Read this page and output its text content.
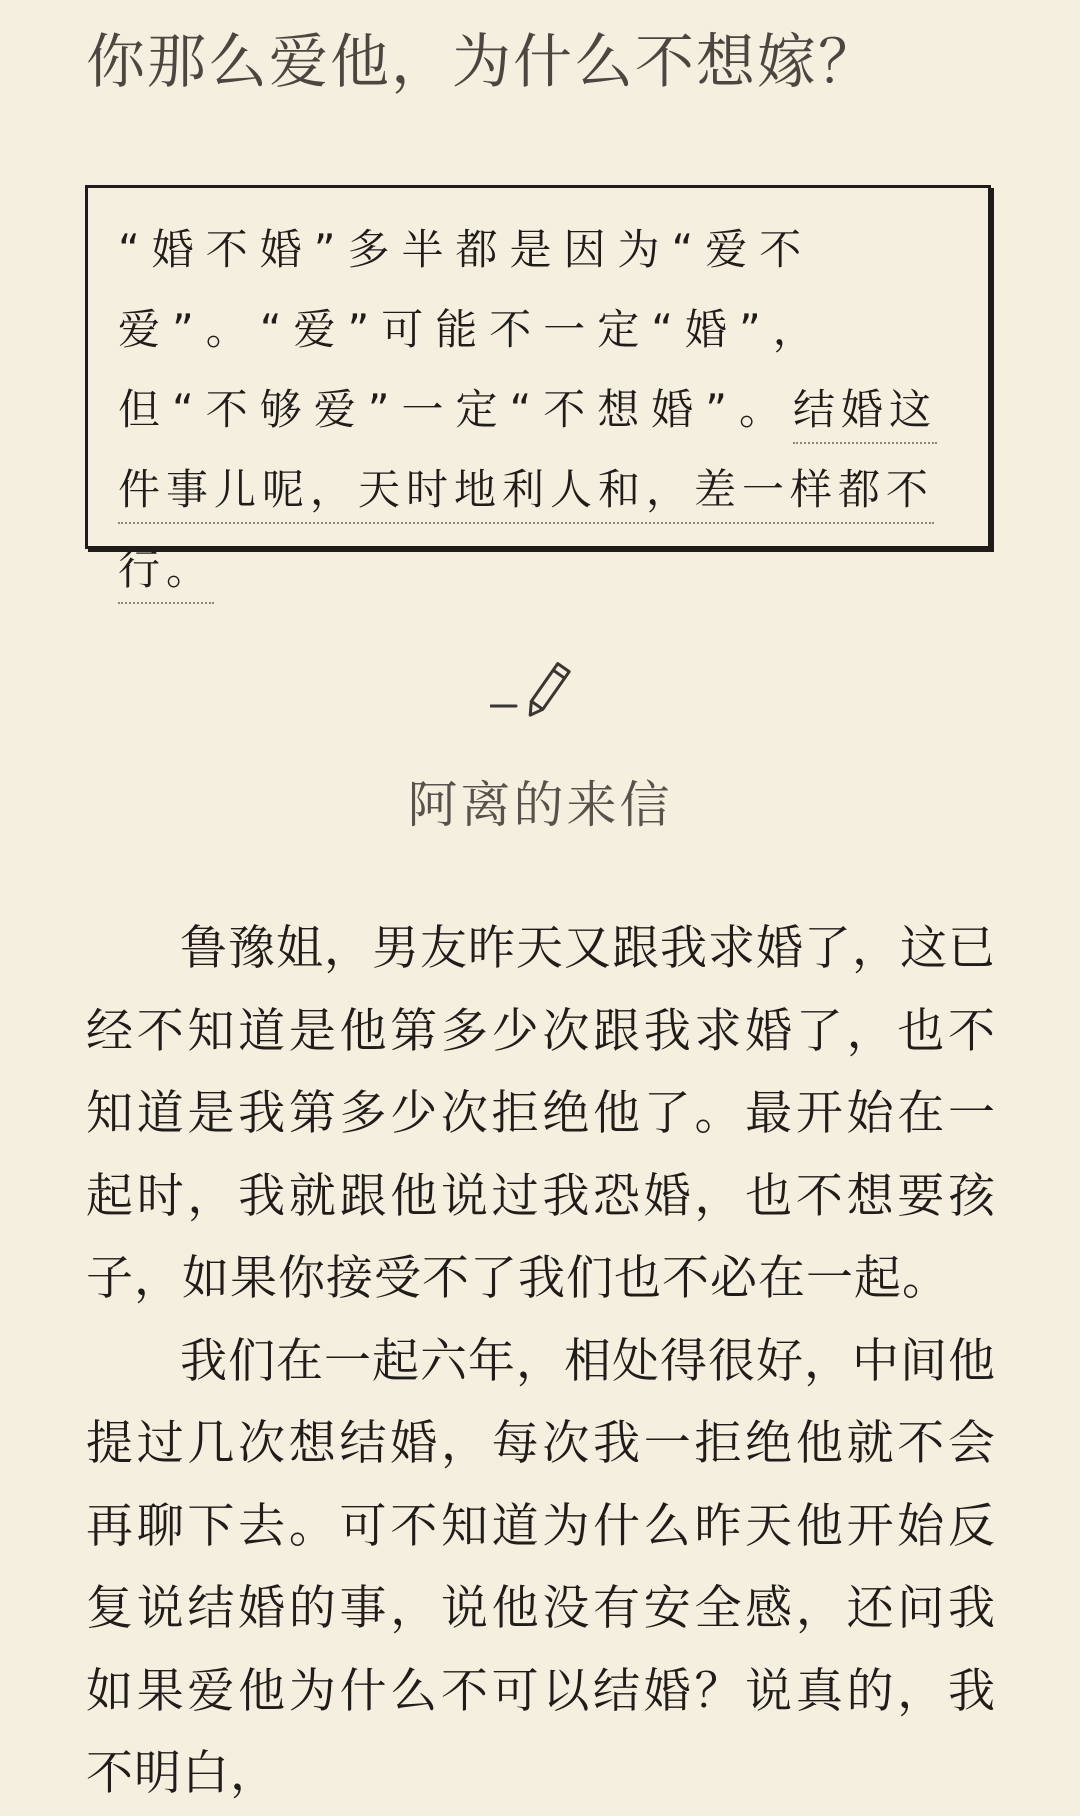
你那么爱他，为什么不想嫁？
“婚不婚”多半都是因为“爱不爱”。“爱”可能不一定“婚”，但“不够爱”一定“不想婚”。结婚这件事儿呢，天时地利人和，差一样都不行。
阿离的来信

鲁豫姐，男友昨天又跟我求婚了，这已经不知道是他第多少次跟我求婚了，也不知道是我第多少次拒绝他了。最开始在一起时，我就跟他说过我恐婚，也不想要孩子，如果你接受不了我们也不必在一起。

我们在一起六年，相处得很好，中间他提过几次想结婚，每次我一拒绝他就不会再聊下去。可不知道为什么昨天他开始反复说结婚的事，说他没有安全感，还问我如果爱他为什么不可以结婚？说真的，我不明白，
